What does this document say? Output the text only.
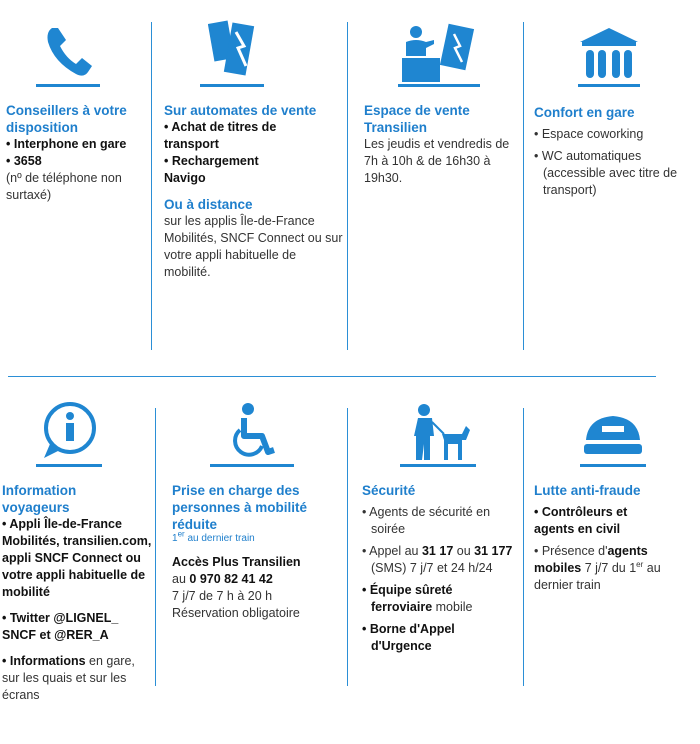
Conseillers à votre disposition

• Interphone en gare

• 3658

(nº de téléphone non surtaxé)

Sur automates de vente

• Achat de titres de transport

• Rechargement Navigo

Ou à distance

sur les applis Île-de-France Mobilités, SNCF Connect ou sur votre appli habituelle de mobilité.

Espace de vente Transilien

Les jeudis et vendredis de 7h à 10h & de 16h30 à 19h30.

Confort en gare

• Espace coworking

• WC automatiques (accessible avec titre de transport)

Information voyageurs

• Appli Île-de-France Mobilités, transilien.com, appli SNCF Connect ou votre appli habituelle de mobilité

• Twitter @LIGNEL_ SNCF et @RER_A

• Informations en gare, sur les quais et sur les écrans

Prise en charge des personnes à mobilité réduite

1er au dernier train

Accès Plus Transilien

au 0 970 82 41 42

7 j/7 de 7 h à 20 h

Réservation obligatoire

Sécurité

• Agents de sécurité en soirée

• Appel au 31 17 ou 31 177 (SMS) 7 j/7 et 24 h/24

• Équipe sûreté ferroviaire mobile

• Borne d'Appel d'Urgence

Lutte anti-fraude

• Contrôleurs et agents en civil

• Présence d'agents mobiles 7 j/7 du 1er au dernier train
